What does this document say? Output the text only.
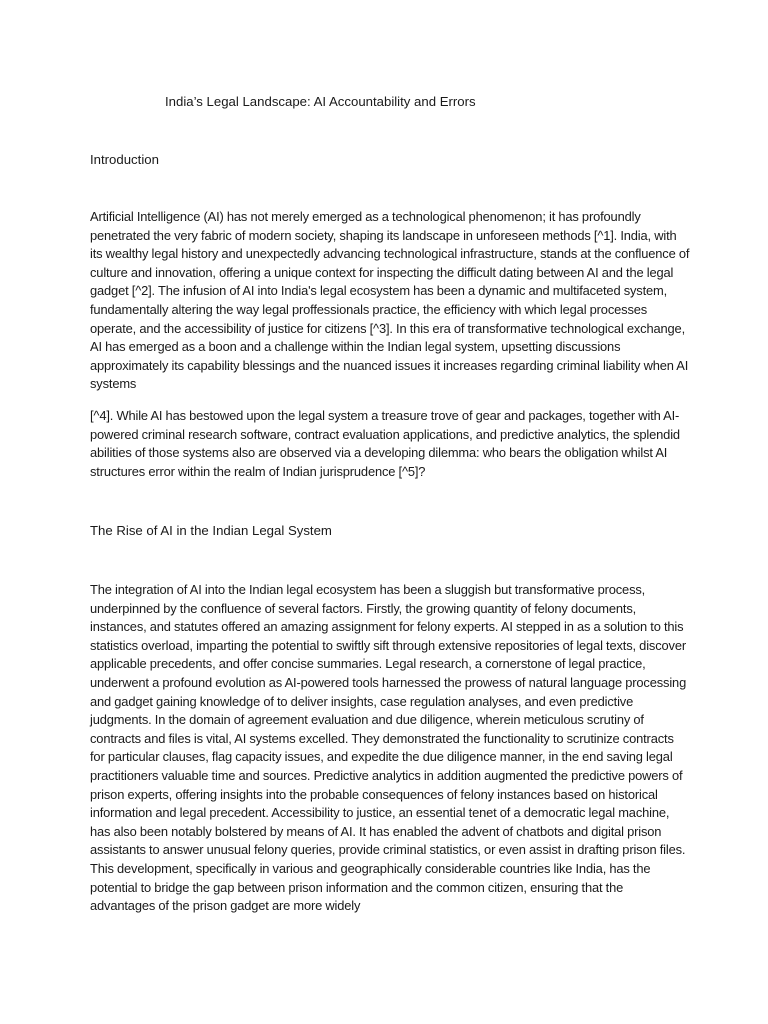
India’s Legal Landscape: AI Accountability and Errors
Introduction

Artificial Intelligence (AI) has not merely emerged as a technological phenomenon; it has profoundly penetrated the very fabric of modern society, shaping its landscape in unforeseen methods [^1]. India, with its wealthy legal history and unexpectedly advancing technological infrastructure, stands at the confluence of culture and innovation, offering a unique context for inspecting the difficult dating between AI and the legal gadget [^2]. The infusion of AI into India's legal ecosystem has been a dynamic and multifaceted system, fundamentally altering the way legal proffessionals practice, the efficiency with which legal processes operate, and the accessibility of justice for citizens [^3]. In this era of transformative technological exchange, AI has emerged as a boon and a challenge within the Indian legal system, upsetting discussions approximately its capability blessings and the nuanced issues it increases regarding criminal liability when AI systems

[^4]. While AI has bestowed upon the legal system a treasure trove of gear and packages, together with AI-powered criminal research software, contract evaluation applications, and predictive analytics, the splendid abilities of those systems also are observed via a developing dilemma: who bears the obligation whilst AI structures error within the realm of Indian jurisprudence [^5]?

The Rise of AI in the Indian Legal System

The integration of AI into the Indian legal ecosystem has been a sluggish but transformative process, underpinned by the confluence of several factors. Firstly, the growing quantity of felony documents, instances, and statutes offered an amazing assignment for felony experts. AI stepped in as a solution to this statistics overload, imparting the potential to swiftly sift through extensive repositories of legal texts, discover applicable precedents, and offer concise summaries. Legal research, a cornerstone of legal practice, underwent a profound evolution as AI-powered tools harnessed the prowess of natural language processing and gadget gaining knowledge of to deliver insights, case regulation analyses, and even predictive judgments. In the domain of agreement evaluation and due diligence, wherein meticulous scrutiny of contracts and files is vital, AI systems excelled. They demonstrated the functionality to scrutinize contracts for particular clauses, flag capacity issues, and expedite the due diligence manner, in the end saving legal practitioners valuable time and sources. Predictive analytics in addition augmented the predictive powers of prison experts, offering insights into the probable consequences of felony instances based on historical information and legal precedent. Accessibility to justice, an essential tenet of a democratic legal machine, has also been notably bolstered by means of AI. It has enabled the advent of chatbots and digital prison assistants to answer unusual felony queries, provide criminal statistics, or even assist in drafting prison files. This development, specifically in various and geographically considerable countries like India, has the potential to bridge the gap between prison information and the common citizen, ensuring that the advantages of the prison gadget are more widely
